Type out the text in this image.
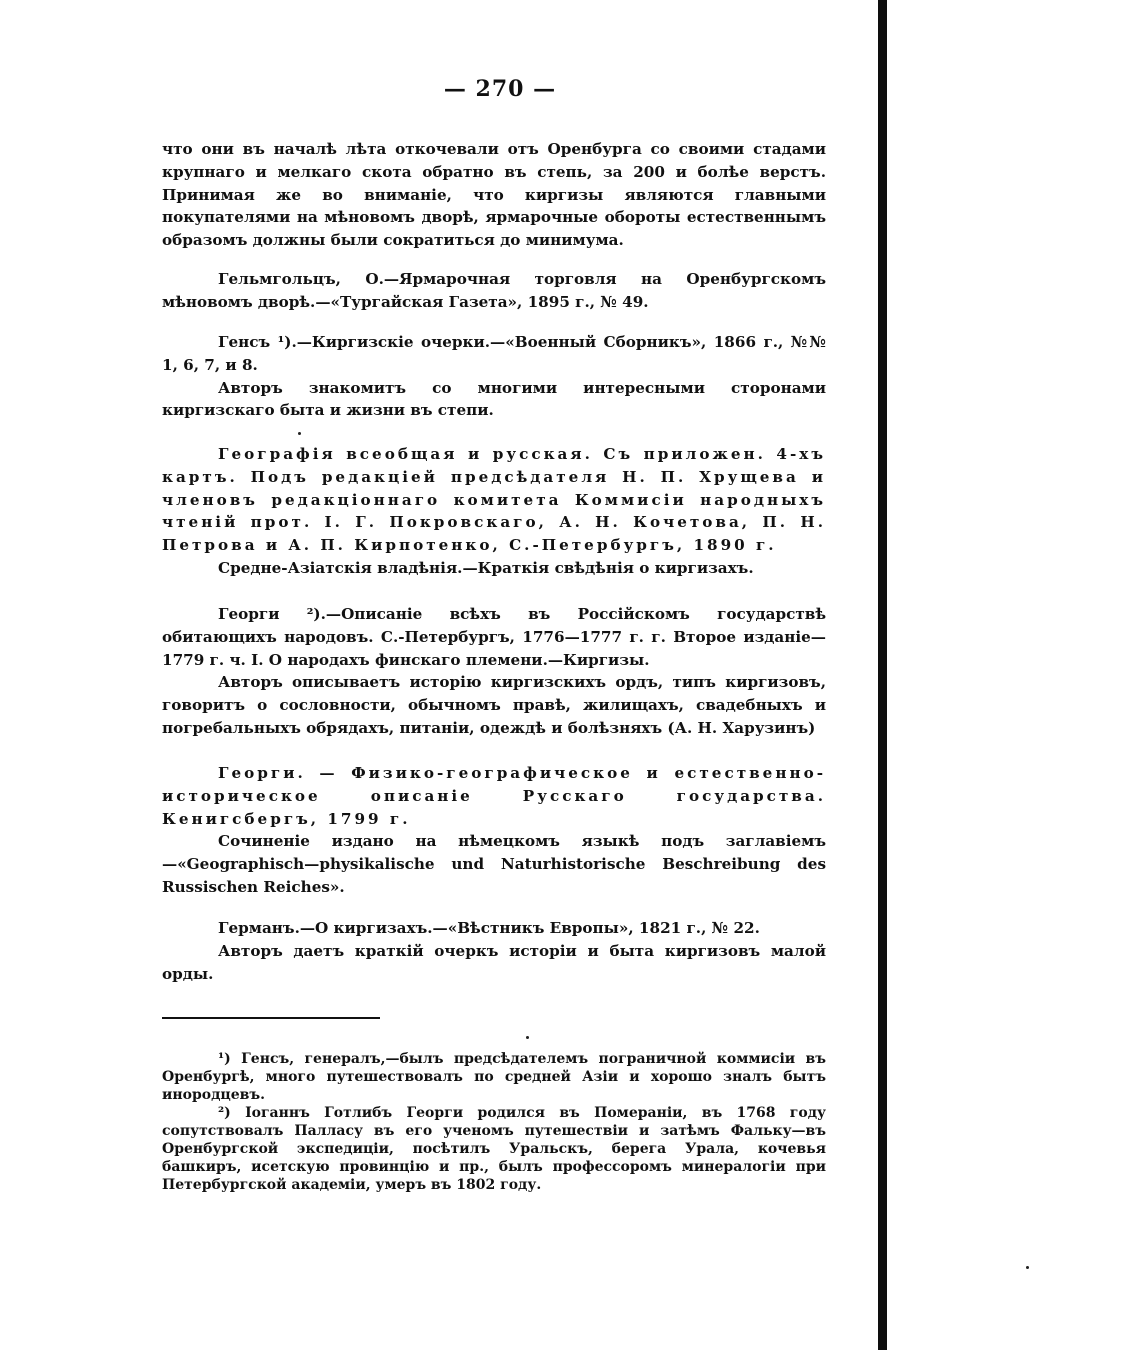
— 270 —

что они въ началѣ лѣта откочевали отъ Оренбурга со своими стадами крупнаго и мелкаго скота обратно въ степь, за 200 и болѣе верстъ. Принимая же во вниманіе, что киргизы являются главными покупателями на мѣновомъ дворѣ, ярмарочные обороты естественнымъ образомъ должны были сократиться до минимума.

Гельмгольцъ, О.—Ярмарочная торговля на Оренбургскомъ мѣновомъ дворѣ.—«Тургайская Газета», 1895 г., № 49.

Генсъ ¹).—Киргизскіе очерки.—«Военный Сборникъ», 1866 г., №№ 1, 6, 7, и 8.

Авторъ знакомитъ со многими интересными сторонами киргизскаго быта и жизни въ степи.

Географія всеобщая и русская. Съ приложен. 4-хъ картъ. Подъ редакціей предсѣдателя Н. П. Хрущева и членовъ редакціоннаго комитета Коммисіи народныхъ чтеній прот. І. Г. Покровскаго, А. Н. Кочетова, П. Н. Петрова и А. П. Кирпотенко, С.-Петербургъ, 1890 г.

Средне-Азіатскія владѣнія.—Краткія свѣдѣнія о киргизахъ.

Георги ²).—Описаніе всѣхъ въ Россійскомъ государствѣ обитающихъ народовъ. С.-Петербургъ, 1776—1777 г. г. Второе изданіе—1779 г. ч. І. О народахъ финскаго племени.—Киргизы.

Авторъ описываетъ исторію киргизскихъ ордъ, типъ киргизовъ, говоритъ о сословности, обычномъ правѣ, жилищахъ, свадебныхъ и погребальныхъ обрядахъ, питаніи, одеждѣ и болѣзняхъ (А. Н. Харузинъ)

Георги. — Физико-географическое и естественно-историческое описаніе Русскаго государства. Кенигсбергъ, 1799 г.

Сочиненіе издано на нѣмецкомъ языкѣ подъ заглавіемъ—«Geographisch—physikalische und Naturhistorische Beschreibung des Russischen Reiches».

Германъ.—О киргизахъ.—«Вѣстникъ Европы», 1821 г., № 22.

Авторъ даетъ краткій очеркъ исторіи и быта киргизовъ малой орды.

¹) Генсъ, генералъ,—былъ предсѣдателемъ пограничной коммисіи въ Оренбургѣ, много путешествовалъ по средней Азіи и хорошо зналъ бытъ инородцевъ.

²) Іоганнъ Готлибъ Георги родился въ Померaніи, въ 1768 году сопутствовалъ Палласу въ его ученомъ путешествіи и затѣмъ Фальку—въ Оренбургской экспедиціи, посѣтилъ Уральскъ, берега Урала, кочевья башкиръ, исетскую провинцію и пр., былъ профессоромъ минералогіи при Петербургской академіи, умеръ въ 1802 году.
